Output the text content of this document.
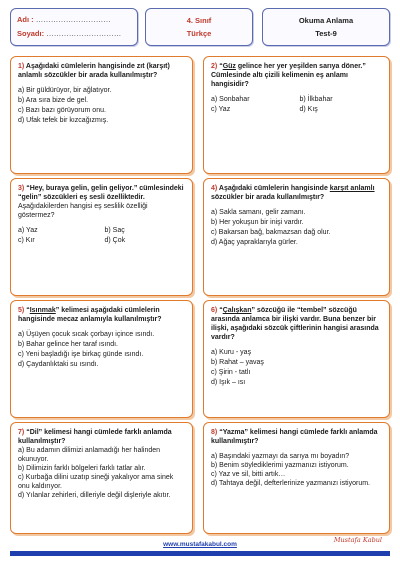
Adı : …………………………
Soyadı: …………………………
4. Sınıf
Türkçe
Okuma Anlama
Test-9
1) Aşağıdaki cümlelerin hangisinde zıt (karşıt) anlamlı sözcükler bir arada kullanılmıştır?
a) Bir güldürüyor, bir ağlatıyor.
b) Ara sıra bize de gel.
c) Bazı bazı görüyorum onu.
d) Ufak tefek bir kızcağızmış.
2) “Güz gelince her yer yeşilden sarıya döner.”
Cümlesinde altı çizili kelimenin eş anlamı hangisidir?
a) Sonbahar	b) İlkbahar
c) Yaz	d) Kış
3) “Hey, buraya gelin, gelin geliyor.” cümlesindeki “gelin” sözcükleri eş sesli özelliktedir.
Aşağıdakilerden hangisi eş seslilik özelliği göstermez?
a) Yaz	b) Saç
c) Kır	d) Çok
4) Aşağıdaki cümlelerin hangisinde karşıt anlamlı sözcükler bir arada kullanılmıştır?
a) Sakla samanı, gelir zamanı.
b) Her yokuşun bir inişi vardır.
c) Bakarsan bağ, bakmazsan dağ olur.
d) Ağaç yapraklarıyla gürler.
5) “Isınmak” kelimesi aşağıdaki cümlelerin hangisinde mecaz anlamıyla kullanılmıştır?
a) Üşüyen çocuk sıcak çorbayı içince ısındı.
b) Bahar gelince her taraf ısındı.
c) Yeni başladığı işe birkaç günde ısındı.
d) Çaydanlıktaki su ısındı.
6) “Çalışkan” sözcüğü ile “tembel” sözcüğü arasında anlamca bir ilişki vardır. Buna benzer bir ilişki, aşağıdaki sözcük çiftlerinin hangisi arasında vardır?
a) Kuru - yaş
b) Rahat – yavaş
c) Şirin - tatlı
d) Işık – ısı
7) “Dil” kelimesi hangi cümlede farklı anlamda kullanılmıştır?
a) Bu adamın dilimizi anlamadığı her halinden okunuyor.
b) Dilimizin farklı bölgeleri farklı tatlar alır.
c) Kurbağa dilini uzatıp sineği yakalıyor ama sinek onu kaldırıyor.
d) Yılanlar zehirleri, dilleriyle değil dişleriyle akıtır.
8) “Yazma” kelimesi hangi cümlede farklı anlamda kullanılmıştır?
a) Başındaki yazmayı da sarıya mı boyadın?
b) Benim söylediklerimi yazmanızı istiyorum.
c) Yaz ve sil, bitti artık…
d) Tahtaya değil, defterlerinize yazmanızı istiyorum.
www.mustafakabul.com
Mustafa Kabul
